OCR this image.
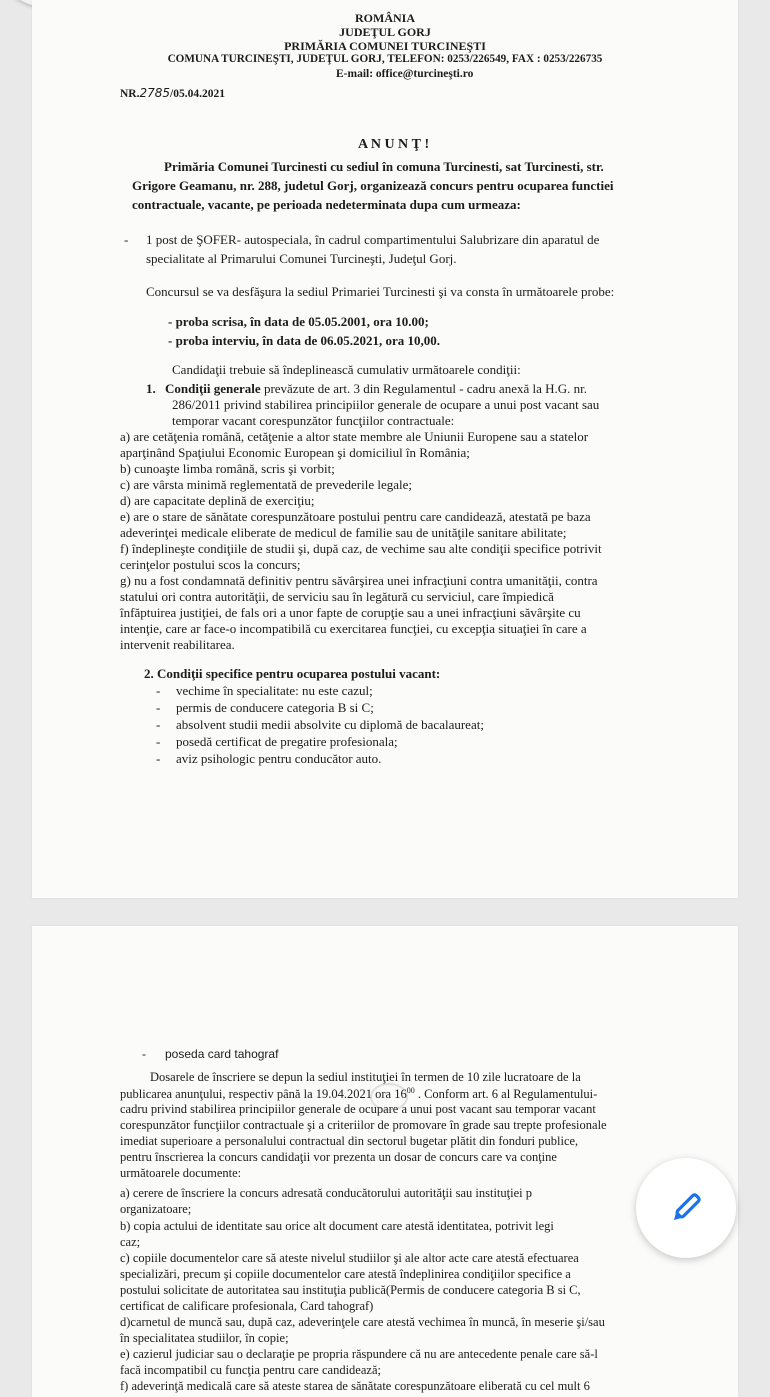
ROMÂNIA
JUDEŢUL GORJ
PRIMĂRIA COMUNEI TURCINEŞTI
COMUNA TURCINEŞTI, JUDEŢUL GORJ, TELEFON: 0253/226549, FAX : 0253/226735
E-mail: office@turcineşti.ro
NR.2785/05.04.2021
A N U N Ţ !
Primăria Comunei Turcinesti cu sediul în comuna Turcinesti, sat Turcinesti, str.
Grigore Geamanu, nr. 288, judetul Gorj, organizează concurs pentru ocuparea functiei
contractuale, vacante, pe perioada nedeterminata dupa cum urmeaza:
- 1 post de ŞOFER- autospeciala, în cadrul compartimentului Salubrizare din aparatul de
specialitate al Primarului Comunei Turcineşti, Judeţul Gorj.
Concursul se va desfăşura la sediul Primariei Turcinesti şi va consta în următoarele probe:
- proba scrisa, în data de 05.05.2001, ora 10.00;
- proba interviu, în data de 06.05.2021, ora 10,00.
Candidaţii trebuie să îndeplinească cumulativ următoarele condiţii:
1. Condiţii generale prevăzute de art. 3 din Regulamentul - cadru anexă la H.G. nr.
286/2011 privind stabilirea principiilor generale de ocupare a unui post vacant sau
temporar vacant corespunzător funcţiilor contractuale:
a) are cetăţenia română, cetăţenie a altor state membre ale Uniunii Europene sau a statelor
aparţinând Spaţiului Economic European şi domiciliul în România;
b) cunoaşte limba română, scris şi vorbit;
c) are vârsta minimă reglementată de prevederile legale;
d) are capacitate deplină de exerciţiu;
e) are o stare de sănătate corespunzătoare postului pentru care candidează, atestată pe baza
adeverinţei medicale eliberate de medicul de familie sau de unităţile sanitare abilitate;
f) îndeplineşte condiţiile de studii şi, după caz, de vechime sau alte condiţii specifice potrivit
cerinţelor postului scos la concurs;
g) nu a fost condamnată definitiv pentru săvârşirea unei infracţiuni contra umanităţii, contra
statului ori contra autorităţii, de serviciu sau în legătură cu serviciul, care împiedică
înfăptuirea justiţiei, de fals ori a unor fapte de corupţie sau a unei infracţiuni săvârşite cu
intenţie, care ar face-o incompatibilă cu exercitarea funcţiei, cu excepţia situaţiei în care a
intervenit reabilitarea.
2. Condiţii specifice pentru ocuparea postului vacant:
- vechime în specialitate: nu este cazul;
- permis de conducere categoria B si C;
- absolvent studii medii absolvite cu diplomă de bacalaureat;
- posedă certificat de pregatire profesionala;
- aviz psihologic pentru conducător auto.
- poseda card tahograf
Dosarele de înscriere se depun la sediul instituţiei în termen de 10 zile lucratoare de la
publicarea anunţului, respectiv până la 19.04.2021 ora $16^{00}$ . Conform art. 6 al Regulamentului-
cadru privind stabilirea principiilor generale de ocupare a unui post vacant sau temporar vacant
corespunzător funcţiilor contractuale şi a criteriilor de promovare în grade sau trepte profesionale
imediat superioare a personalului contractual din sectorul bugetar plătit din fonduri publice,
pentru înscrierea la concurs candidaţii vor prezenta un dosar de concurs care va conţine
următoarele documente:
a) cerere de înscriere la concurs adresată conducătorului autorităţii sau instituţiei p
organizatoare;
b) copia actului de identitate sau orice alt document care atestă identitatea, potrivit legi
caz;
c) copiile documentelor care să ateste nivelul studiilor şi ale altor acte care atestă efectuarea
specializări, precum şi copiile documentelor care atestă îndeplinirea condiţiilor specifice a
postului solicitate de autoritatea sau instituţia publică(Permis de conducere categoria B si C,
certificat de calificare profesionala, Card tahograf)
d)carnetul de muncă sau, după caz, adeverinţele care atestă vechimea în muncă, în meserie şi/sau
în specialitatea studiilor, în copie;
e) cazierul judiciar sau o declaraţie pe propria răspundere că nu are antecedente penale care să-l
facă incompatibil cu funcţia pentru care candidează;
f) adeverinţă medicală care să ateste starea de sănătate corespunzătoare eliberată cu cel mult 6
